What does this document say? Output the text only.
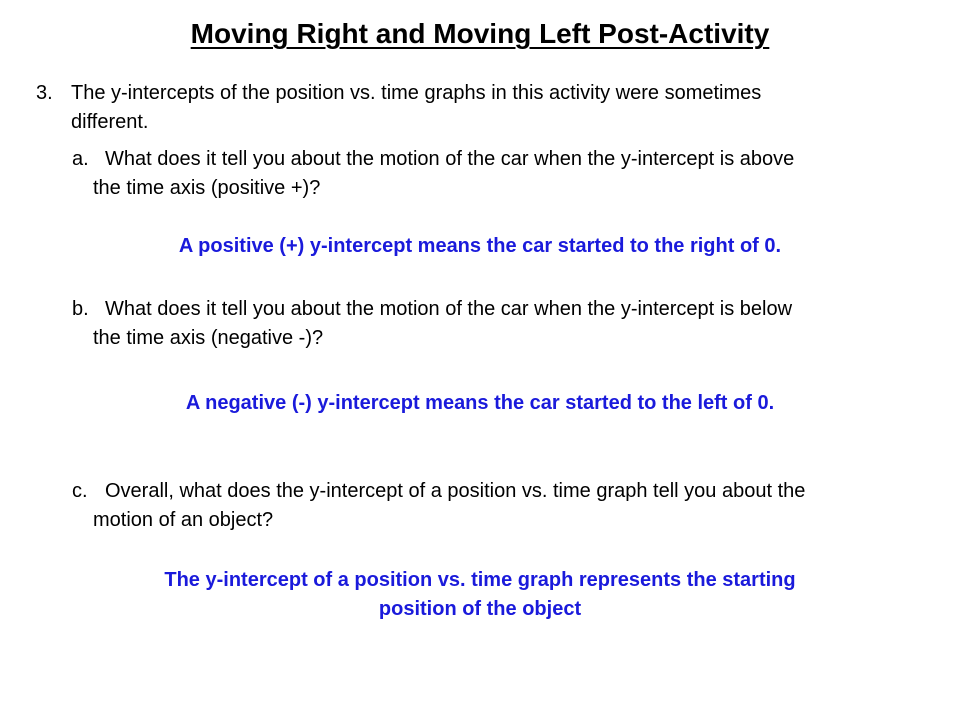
Moving Right and Moving Left Post-Activity
3. The y-intercepts of the position vs. time graphs in this activity were sometimes
different.
a. What does it tell you about the motion of the car when the y-intercept is above
the time axis (positive +)?
A positive (+) y-intercept means the car started to the right of 0.
b. What does it tell you about the motion of the car when the y-intercept is below
the time axis (negative -)?
A negative (-) y-intercept means the car started to the left of 0.
c. Overall, what does the y-intercept of a position vs. time graph tell you about the
motion of an object?
The y-intercept of a position vs. time graph represents the starting
position of the object
